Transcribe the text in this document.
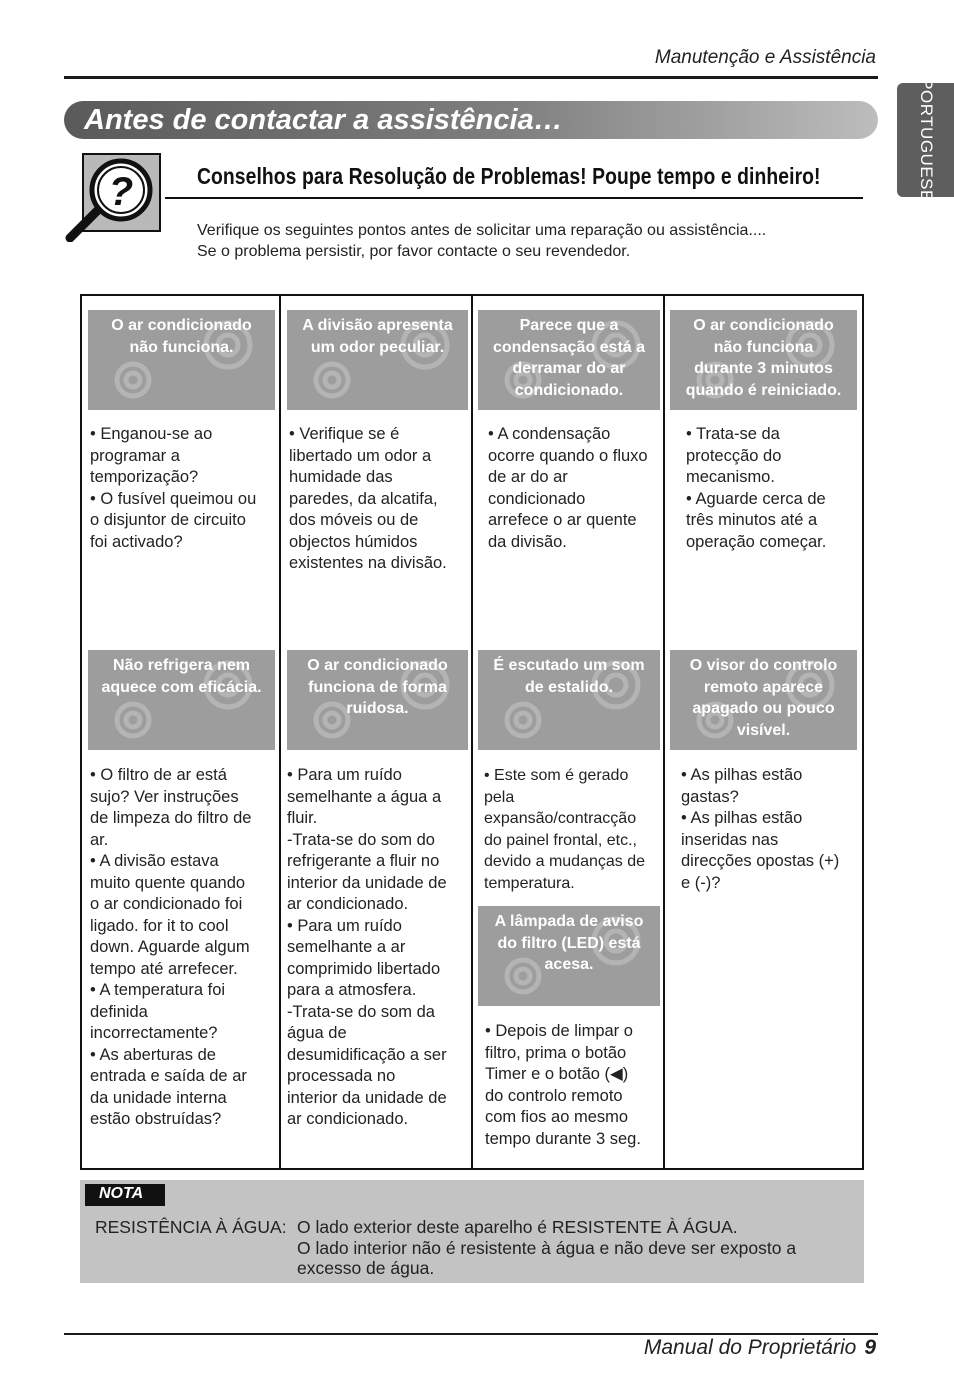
Manutenção e Assistência
PORTUGUESE
Antes de contactar a assistência…
?	Conselhos para Resolução de Problemas! Poupe tempo e dinheiro!
Verifique os seguintes pontos antes de solicitar uma reparação ou assistência....
Se o problema persistir, por favor contacte o seu revendedor.
O ar condicionado
não funciona.
• Enganou-se ao
programar a
temporização?
• O fusível queimou ou
o disjuntor de circuito
foi activado?
A divisão apresenta
um odor peculiar.
• Verifique se é
libertado um odor a
humidade das
paredes, da alcatifa,
dos móveis ou de
objectos húmidos
existentes na divisão.
Parece que a
condensação está a
derramar do ar
condicionado.
• A condensação
ocorre quando o fluxo
de ar do ar
condicionado
arrefece o ar quente
da divisão.
O ar condicionado
não funciona
durante 3 minutos
quando é reiniciado.
• Trata-se da
protecção do
mecanismo.
• Aguarde cerca de
três minutos até a
operação começar.
Não refrigera nem
aquece com eficácia.
• O filtro de ar está
sujo? Ver instruções
de limpeza do filtro de
ar.
• A divisão estava
muito quente quando
o ar condicionado foi
ligado. for it to cool
down. Aguarde algum
tempo até arrefecer.
• A temperatura foi
definida
incorrectamente?
• As aberturas de
entrada e saída de ar
da unidade interna
estão obstruídas?
O ar condicionado
funciona de forma
ruidosa.
• Para um ruído
semelhante a água a
fluir.
-Trata-se do som do
refrigerante a fluir no
interior da unidade de
ar condicionado.
• Para um ruído
semelhante a ar
comprimido libertado
para a atmosfera.
-Trata-se do som da
água de
desumidificação a ser
processada no
interior da unidade de
ar condicionado.
É escutado um som
de estalido.
• Este som é gerado pela
expansão/contracção
do painel frontal, etc.,
devido a mudanças de
temperatura.
A lâmpada de aviso
do filtro (LED) está
acesa.
• Depois de limpar o
filtro, prima o botão
Timer e o botão (◀)
do controlo remoto
com fios ao mesmo
tempo durante 3 seg.
O visor do controlo
remoto aparece
apagado ou pouco
visível.
• As pilhas estão
gastas?
• As pilhas estão
inseridas nas
direcções opostas (+)
e (-)?
NOTA
RESISTÊNCIA À ÁGUA: O lado exterior deste aparelho é RESISTENTE À ÁGUA.
O lado interior não é resistente à água e não deve ser exposto a
excesso de água.
Manual do Proprietário 9
